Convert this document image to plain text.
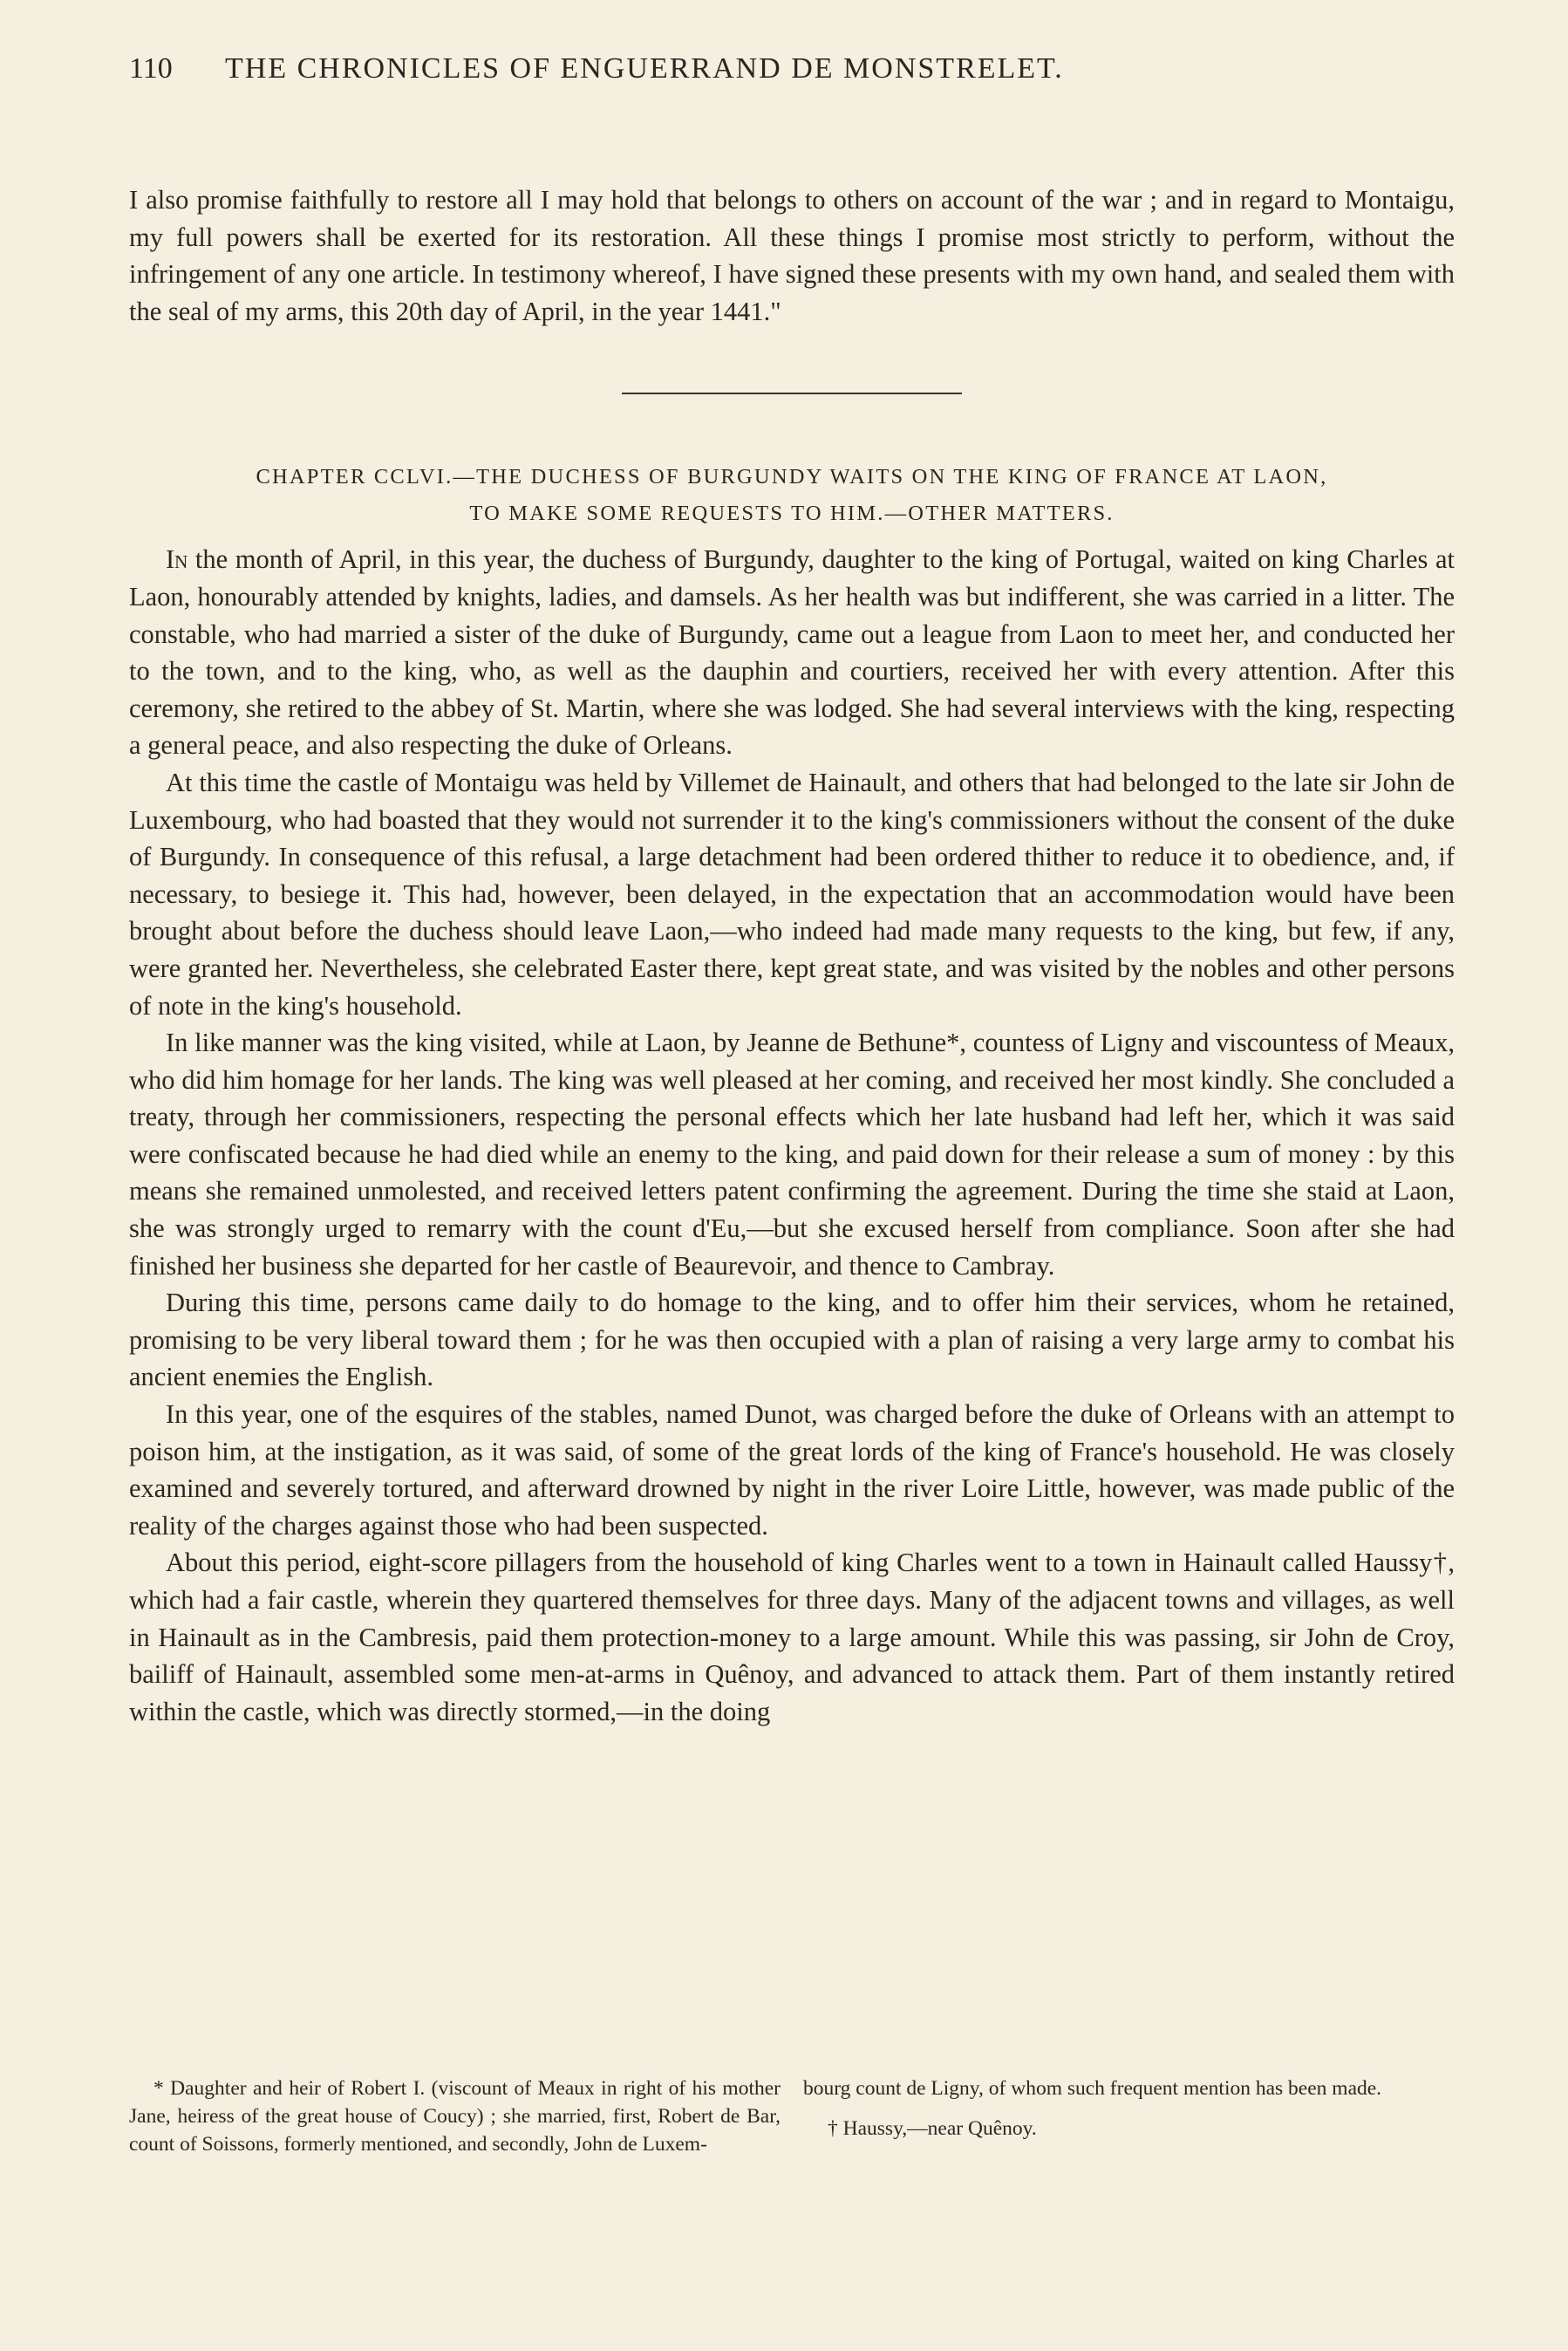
110	THE CHRONICLES OF ENGUERRAND DE MONSTRELET.

I also promise faithfully to restore all I may hold that belongs to others on account of the war ; and in regard to Montaigu, my full powers shall be exerted for its restoration. All these things I promise most strictly to perform, without the infringement of any one article. In testimony whereof, I have signed these presents with my own hand, and sealed them with the seal of my arms, this 20th day of April, in the year 1441."

CHAPTER CCLVI.—THE DUCHESS OF BURGUNDY WAITS ON THE KING OF FRANCE AT LAON,
TO MAKE SOME REQUESTS TO HIM.—OTHER MATTERS.

In the month of April, in this year, the duchess of Burgundy, daughter to the king of Portugal, waited on king Charles at Laon, honourably attended by knights, ladies, and damsels. As her health was but indifferent, she was carried in a litter. The constable, who had married a sister of the duke of Burgundy, came out a league from Laon to meet her, and conducted her to the town, and to the king, who, as well as the dauphin and courtiers, received her with every attention. After this ceremony, she retired to the abbey of St. Martin, where she was lodged. She had several interviews with the king, respecting a general peace, and also respecting the duke of Orleans.

At this time the castle of Montaigu was held by Villemet de Hainault, and others that had belonged to the late sir John de Luxembourg, who had boasted that they would not surrender it to the king's commissioners without the consent of the duke of Burgundy. In consequence of this refusal, a large detachment had been ordered thither to reduce it to obedience, and, if necessary, to besiege it. This had, however, been delayed, in the expectation that an accommodation would have been brought about before the duchess should leave Laon,—who indeed had made many requests to the king, but few, if any, were granted her. Nevertheless, she celebrated Easter there, kept great state, and was visited by the nobles and other persons of note in the king's household.

In like manner was the king visited, while at Laon, by Jeanne de Bethune*, countess of Ligny and viscountess of Meaux, who did him homage for her lands. The king was well pleased at her coming, and received her most kindly. She concluded a treaty, through her commissioners, respecting the personal effects which her late husband had left her, which it was said were confiscated because he had died while an enemy to the king, and paid down for their release a sum of money : by this means she remained unmolested, and received letters patent confirming the agreement. During the time she staid at Laon, she was strongly urged to remarry with the count d'Eu,—but she excused herself from compliance. Soon after she had finished her business she departed for her castle of Beaurevoir, and thence to Cambray.

During this time, persons came daily to do homage to the king, and to offer him their services, whom he retained, promising to be very liberal toward them ; for he was then occupied with a plan of raising a very large army to combat his ancient enemies the English.

In this year, one of the esquires of the stables, named Dunot, was charged before the duke of Orleans with an attempt to poison him, at the instigation, as it was said, of some of the great lords of the king of France's household. He was closely examined and severely tortured, and afterward drowned by night in the river Loire Little, however, was made public of the reality of the charges against those who had been suspected.

About this period, eight-score pillagers from the household of king Charles went to a town in Hainault called Haussy†, which had a fair castle, wherein they quartered themselves for three days. Many of the adjacent towns and villages, as well in Hainault as in the Cambresis, paid them protection-money to a large amount. While this was passing, sir John de Croy, bailiff of Hainault, assembled some men-at-arms in Quênoy, and advanced to attack them. Part of them instantly retired within the castle, which was directly stormed,—in the doing

* Daughter and heir of Robert I. (viscount of Meaux in right of his mother Jane, heiress of the great house of Coucy) ; she married, first, Robert de Bar, count of Soissons, formerly mentioned, and secondly, John de Luxem-

bourg count de Ligny, of whom such frequent mention has been made.

† Haussy,—near Quênoy.
